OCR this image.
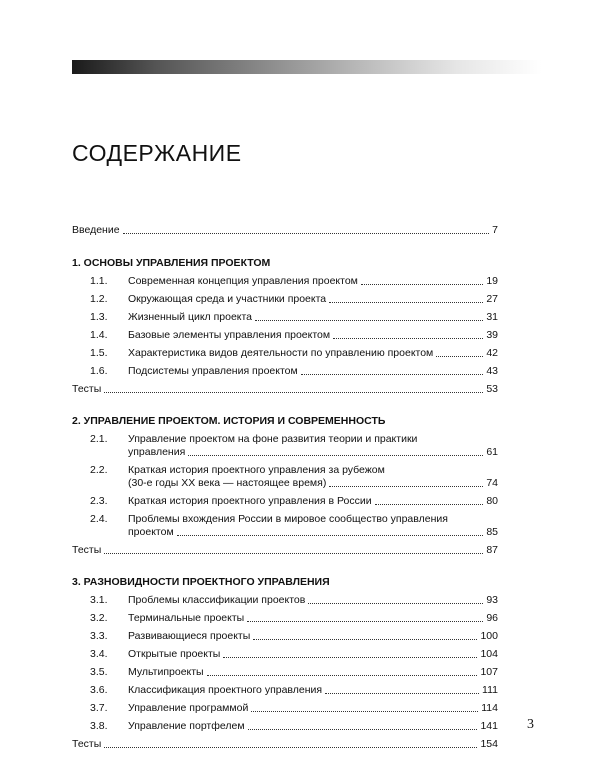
СОДЕРЖАНИЕ
Введение	7
1. ОСНОВЫ УПРАВЛЕНИЯ ПРОЕКТОМ
1.1.	Современная концепция управления проектом	19
1.2.	Окружающая среда и участники проекта	27
1.3.	Жизненный цикл проекта	31
1.4.	Базовые элементы управления проектом	39
1.5.	Характеристика видов деятельности по управлению проектом	42
1.6.	Подсистемы управления проектом	43
Тесты	53
2. УПРАВЛЕНИЕ ПРОЕКТОМ. ИСТОРИЯ И СОВРЕМЕННОСТЬ
2.1.	Управление проектом на фоне развития теории и практики
управления	61
2.2.	Краткая история проектного управления за рубежом
(30-е годы XX века — настоящее время)	74
2.3.	Краткая история проектного управления в России	80
2.4.	Проблемы вхождения России в мировое сообщество управления
проектом	85
Тесты	87
3. РАЗНОВИДНОСТИ ПРОЕКТНОГО УПРАВЛЕНИЯ
3.1.	Проблемы классификации проектов	93
3.2.	Терминальные проекты	96
3.3.	Развивающиеся проекты	100
3.4.	Открытые проекты	104
3.5.	Мультипроекты	107
3.6.	Классификация проектного управления	111
3.7.	Управление программой	114
3.8.	Управление портфелем	141
Тесты	154
3
